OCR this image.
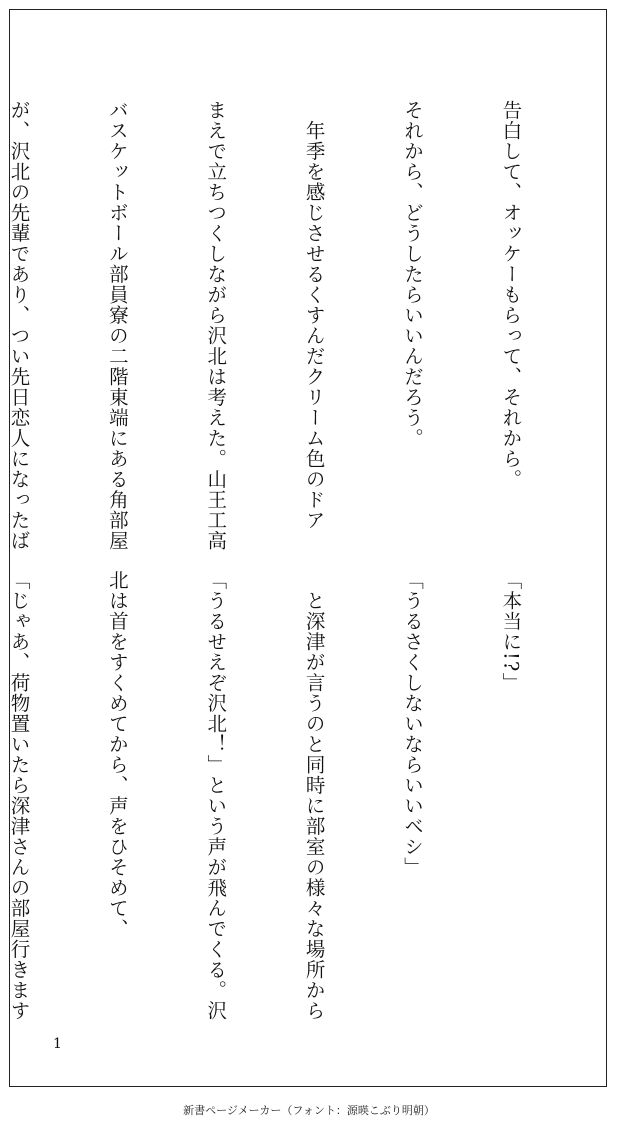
告白して、オッケーもらって、それから。

それから、どうしたらいいんだろう。

　年季を感じさせるくすんだクリーム色のドア

まえで立ちつくしながら沢北は考えた。山王工高

バスケットボール部員寮の二階東端にある角部屋

が、沢北の先輩であり、つい先日恋人になったば

「本当に!?」

「うるさくしないならいいベシ」

　と深津が言うのと同時に部室の様々な場所から

「うるせえぞ沢北！」という声が飛んでくる。沢

北は首をすくめてから、声をひそめて、

「じゃあ、荷物置いたら深津さんの部屋行きます

1
新書ページメーカー（フォント：源暎こぶり明朝）
